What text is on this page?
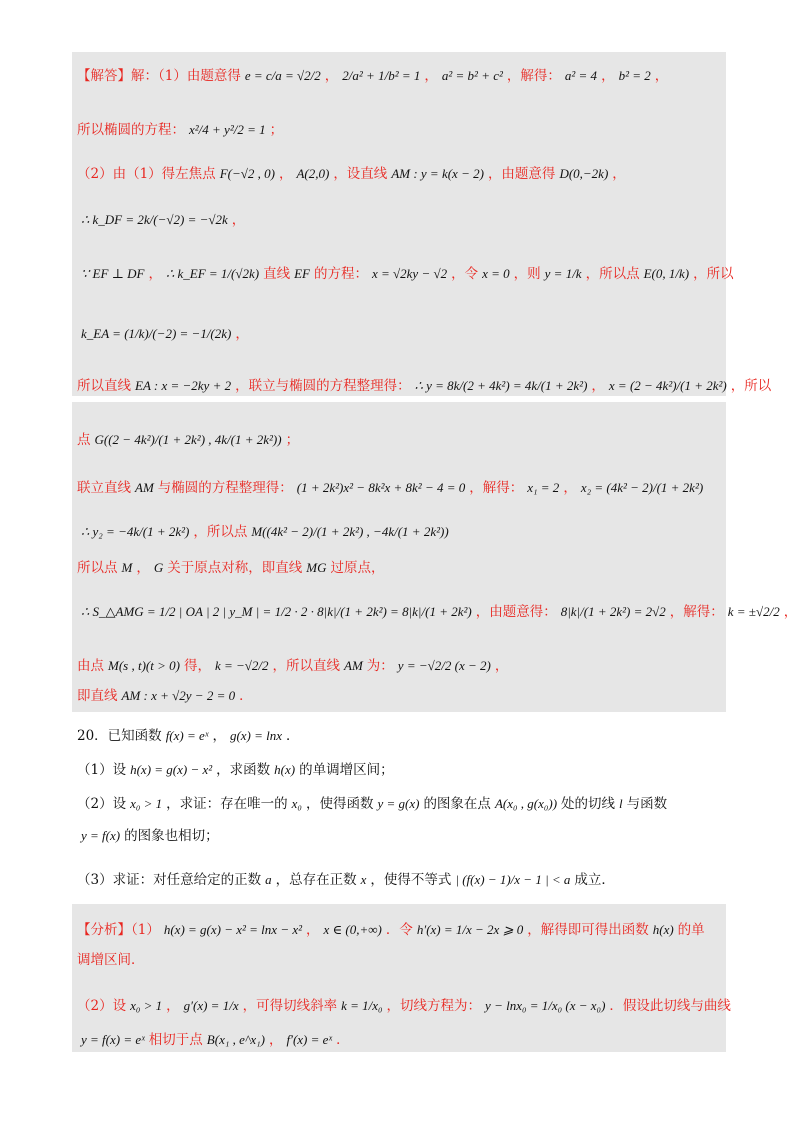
【解答】解：（1）由题意得 e = c/a = √2/2 ， 2/a² + 1/b² = 1 ， a² = b² + c² ，解得： a² = 4 ， b² = 2 ，
所以椭圆的方程： x²/4 + y²/2 = 1 ；
（2）由（1）得左焦点 F(−√2 , 0) ， A(2,0) ，设直线 AM : y = k(x − 2) ，由题意得 D(0,−2k) ，
∴ k_DF = 2k/(−√2) = −√2k ，
∵ EF ⊥ DF ， ∴ k_EF = 1/(√2k) 直线 EF 的方程： x = √2ky − √2 ，令 x = 0 ，则 y = 1/k ，所以点 E(0, 1/k) ，所以
k_EA = (1/k)/(−2) = −1/(2k) ，
所以直线 EA : x = −2ky + 2 ，联立与椭圆的方程整理得： ∴ y = 8k/(2 + 4k²) = 4k/(1 + 2k²) ， x = (2 − 4k²)/(1 + 2k²) ，所以
点 G((2 − 4k²)/(1 + 2k²) , 4k/(1 + 2k²)) ；
联立直线 AM 与椭圆的方程整理得： (1 + 2k²)x² − 8k²x + 8k² − 4 = 0 ，解得： x₁ = 2 ， x₂ = (4k² − 2)/(1 + 2k²)
∴ y₂ = −4k/(1 + 2k²) ，所以点 M((4k² − 2)/(1 + 2k²) , −4k/(1 + 2k²))
所以点 M ， G 关于原点对称，即直线 MG 过原点，
∴ S_△AMG = 1/2 | OA | 2 | y_M | = 1/2 · 2 · 8|k|/(1 + 2k²) = 8|k|/(1 + 2k²) ，由题意得： 8|k|/(1 + 2k²) = 2√2 ，解得： k = ±√2/2 ，
由点 M(s , t)(t > 0) 得， k = −√2/2 ，所以直线 AM 为： y = −√2/2 (x − 2) ，
即直线 AM : x + √2y − 2 = 0 ．
20．已知函数 f(x) = eˣ ， g(x) = lnx ．
（1）设 h(x) = g(x) − x² ，求函数 h(x) 的单调增区间；
（2）设 x₀ > 1 ，求证：存在唯一的 x₀ ，使得函数 y = g(x) 的图象在点 A(x₀ , g(x₀)) 处的切线 l 与函数
y = f(x) 的图象也相切；
（3）求证：对任意给定的正数 a ，总存在正数 x ，使得不等式 | (f(x) − 1)/x − 1 | < a 成立．
【分析】（1） h(x) = g(x) − x² = lnx − x² ， x ∈ (0,+∞) ．令 h′(x) = 1/x − 2x ⩾ 0 ，解得即可得出函数 h(x) 的单
调增区间．
（2）设 x₀ > 1 ， g′(x) = 1/x ，可得切线斜率 k = 1/x₀ ，切线方程为： y − lnx₀ = 1/x₀ (x − x₀) ．假设此切线与曲线
y = f(x) = eˣ 相切于点 B(x₁ , e^x₁) ， f′(x) = eˣ ．
